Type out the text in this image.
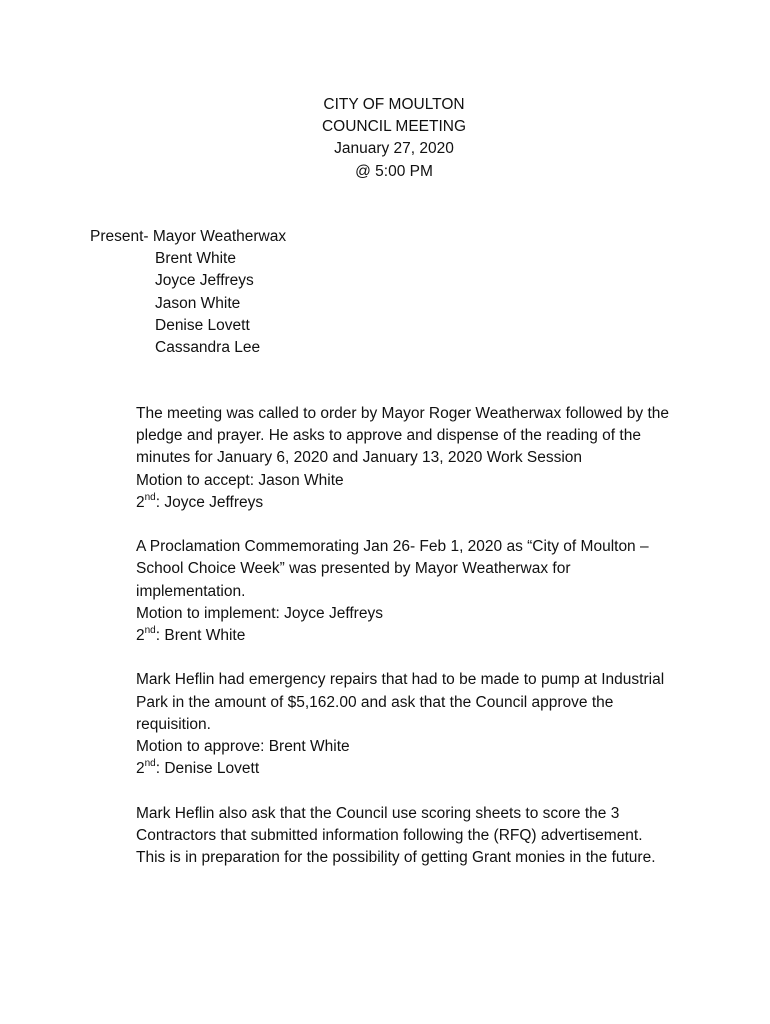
CITY OF MOULTON
COUNCIL MEETING
January 27, 2020
@ 5:00 PM
Present- Mayor Weatherwax
Brent White
Joyce Jeffreys
Jason White
Denise Lovett
Cassandra Lee
The meeting was called to order by Mayor Roger Weatherwax followed by the
pledge and prayer. He asks to approve and dispense of the reading of the
minutes for January 6, 2020 and January 13, 2020 Work Session
Motion to accept: Jason White
2nd: Joyce Jeffreys
A Proclamation Commemorating Jan 26- Feb 1, 2020 as “City of Moulton –
School Choice Week” was presented by Mayor Weatherwax for
implementation.
Motion to implement: Joyce Jeffreys
2nd: Brent White
Mark Heflin had emergency repairs that had to be made to pump at Industrial
Park in the amount of $5,162.00 and ask that the Council approve the
requisition.
Motion to approve: Brent White
2nd: Denise Lovett
Mark Heflin also ask that the Council use scoring sheets to score the 3
Contractors that submitted information following the (RFQ) advertisement.
This is in preparation for the possibility of getting Grant monies in the future.
